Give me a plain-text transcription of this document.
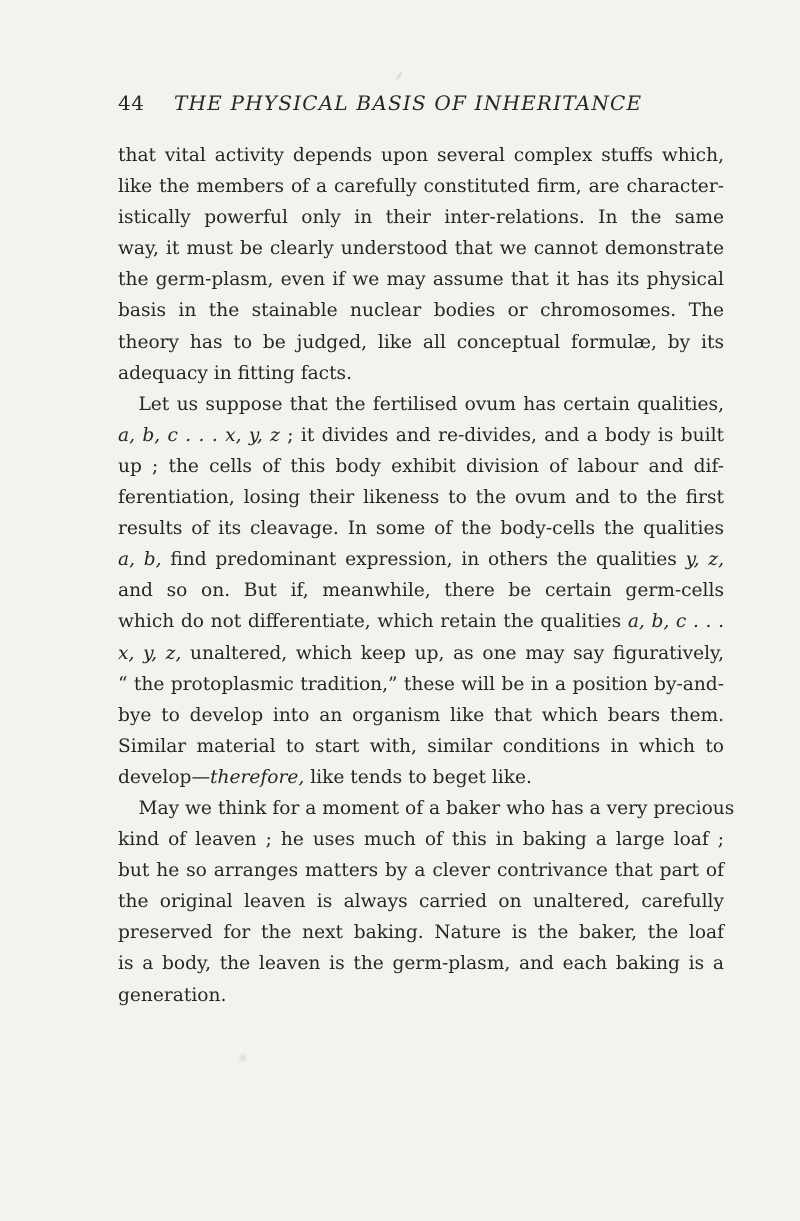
44	THE PHYSICAL BASIS OF INHERITANCE
that vital activity depends upon several complex stuffs which,
like the members of a carefully constituted firm, are character-
istically powerful only in their inter-relations. In the same
way, it must be clearly understood that we cannot demonstrate
the germ-plasm, even if we may assume that it has its physical
basis in the stainable nuclear bodies or chromosomes. The
theory has to be judged, like all conceptual formulæ, by its
adequacy in fitting facts.
Let us suppose that the fertilised ovum has certain qualities,
a, b, c . . . x, y, z ; it divides and re-divides, and a body is built
up ; the cells of this body exhibit division of labour and dif-
ferentiation, losing their likeness to the ovum and to the first
results of its cleavage. In some of the body-cells the qualities
a, b, find predominant expression, in others the qualities y, z,
and so on. But if, meanwhile, there be certain germ-cells
which do not differentiate, which retain the qualities a, b, c . . .
x, y, z, unaltered, which keep up, as one may say figuratively,
“ the protoplasmic tradition,” these will be in a position by-and-
bye to develop into an organism like that which bears them.
Similar material to start with, similar conditions in which to
develop—therefore, like tends to beget like.
May we think for a moment of a baker who has a very precious
kind of leaven ; he uses much of this in baking a large loaf ;
but he so arranges matters by a clever contrivance that part of
the original leaven is always carried on unaltered, carefully
preserved for the next baking. Nature is the baker, the loaf
is a body, the leaven is the germ-plasm, and each baking is a
generation.
